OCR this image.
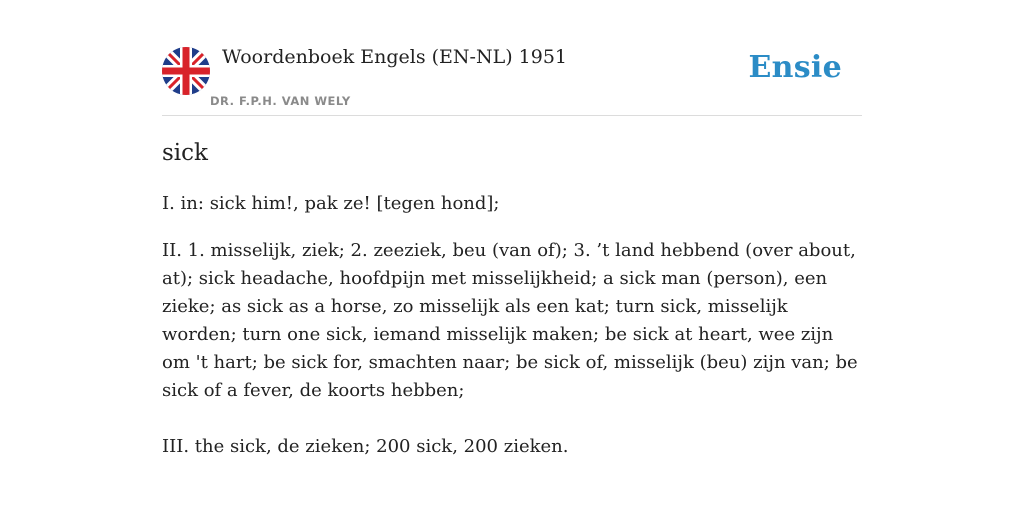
Woordenboek Engels (EN-NL) 1951
DR. F.P.H. VAN WELY
Ensie
sick

I. in: sick him!, pak ze! [tegen hond];

II. 1. misselijk, ziek; 2. zeeziek, beu (van of); 3. ’t land hebbend (over about, at); sick headache, hoofdpijn met misselijkheid; a sick man (person), een zieke; as sick as a horse, zo misselijk als een kat; turn sick, misselijk worden; turn one sick, iemand misselijk maken; be sick at heart, wee zijn om 't hart; be sick for, smachten naar; be sick of, misselijk (beu) zijn van; be sick of a fever, de koorts hebben;

III. the sick, de zieken; 200 sick, 200 zieken.
